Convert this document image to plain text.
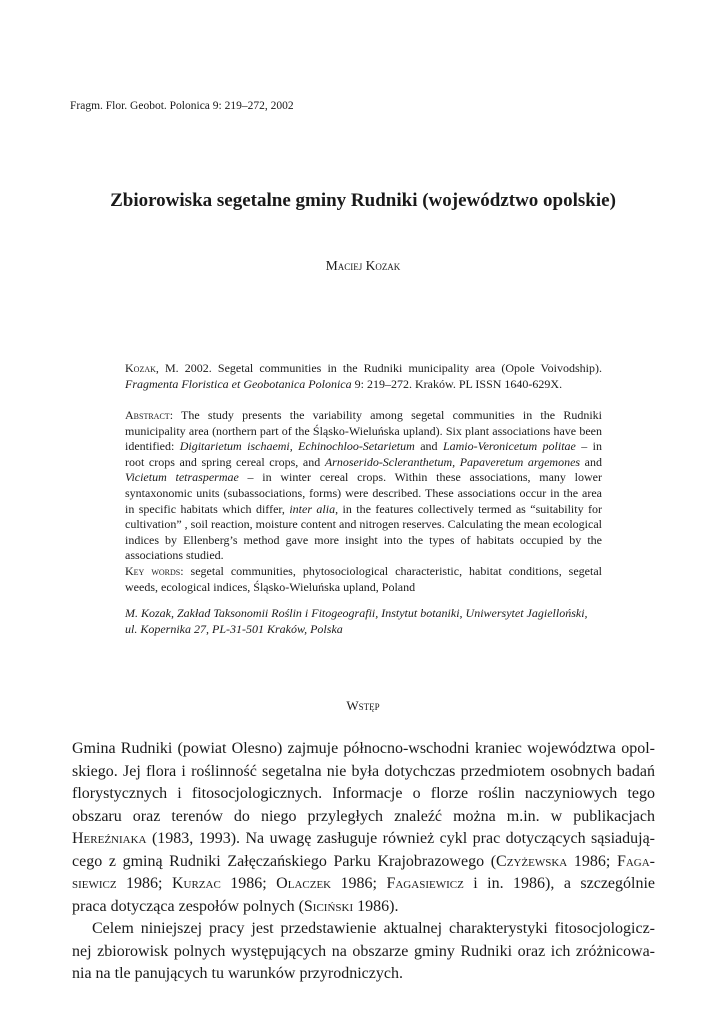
Fragm. Flor. Geobot. Polonica 9: 219–272, 2002
Zbiorowiska segetalne gminy Rudniki (województwo opolskie)
Maciej Kozak

Kozak, M. 2002. Segetal communities in the Rudniki municipality area (Opole Voivodship). Fragmenta Floristica et Geobotanica Polonica 9: 219–272. Kraków. PL ISSN 1640-629X.

Abstract: The study presents the variability among segetal communities in the Rudniki municipality area (northern part of the Śląsko-Wieluńska upland). Six plant associations have been identified: Digitarietum ischaemi, Echinochloo-Setarietum and Lamio-Veronicetum politae – in root crops and spring cereal crops, and Arnoserido-Scleranthetum, Papaveretum argemones and Vicietum tetraspermae – in winter cereal crops. Within these associations, many lower syntaxonomic units (subassociations, forms) were described. These associations occur in the area in specific habitats which differ, inter alia, in the features collectively termed as “suitability for cultivation” , soil reaction, moisture content and nitrogen reserves. Calculating the mean ecological indices by Ellenberg’s method gave more insight into the types of habitats occupied by the associations studied.

Key words: segetal communities, phytosociological characteristic, habitat conditions, segetal weeds, ecological indices, Śląsko-Wieluńska upland, Poland

M. Kozak, Zakład Taksonomii Roślin i Fitogeografii, Instytut botaniki, Uniwersytet Jagielloński,

ul. Kopernika 27, PL-31-501 Kraków, Polska

Wstęp
Gmina Rudniki (powiat Olesno) zajmuje północno-wschodni kraniec województwa opol-
skiego. Jej flora i roślinność segetalna nie była dotychczas przedmiotem osobnych badań
florystycznych i fitosocjologicznych. Informacje o florze roślin naczyniowych tego
obszaru oraz terenów do niego przyległych znaleźć można m.in. w publikacjach
Hereźniaka (1983, 1993). Na uwagę zasługuje również cykl prac dotyczących sąsiadują-
cego z gminą Rudniki Załęczańskiego Parku Krajobrazowego (Czyżewska 1986; Faga-
siewicz 1986; Kurzac 1986; Olaczek 1986; Fagasiewicz i in. 1986), a szczególnie
praca dotycząca zespołów polnych (Siciński 1986).
Celem niniejszej pracy jest przedstawienie aktualnej charakterystyki fitosocjologicz-
nej zbiorowisk polnych występujących na obszarze gminy Rudniki oraz ich zróżnicowa-
nia na tle panujących tu warunków przyrodniczych.
